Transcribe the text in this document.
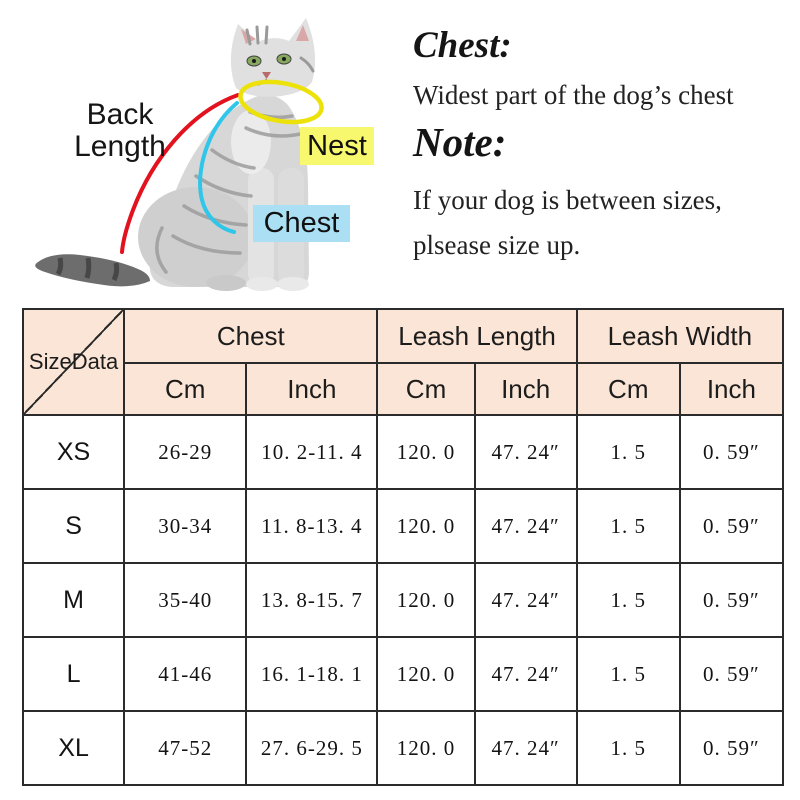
Back
Length	Nest
Chest
Chest:
Widest part of the dog’s chest
Note:
If your dog is between sizes,
plsease size up.
SizeData	Chest		Leash Length		Leash Width	
	Cm	Inch	Cm	Inch	Cm	Inch
XS	26-29	10. 2-11. 4	120. 0	47. 24″	1. 5	0. 59″
S	30-34	11. 8-13. 4	120. 0	47. 24″	1. 5	0. 59″
M	35-40	13. 8-15. 7	120. 0	47. 24″	1. 5	0. 59″
L	41-46	16. 1-18. 1	120. 0	47. 24″	1. 5	0. 59″
XL	47-52	27. 6-29. 5	120. 0	47. 24″	1. 5	0. 59″
